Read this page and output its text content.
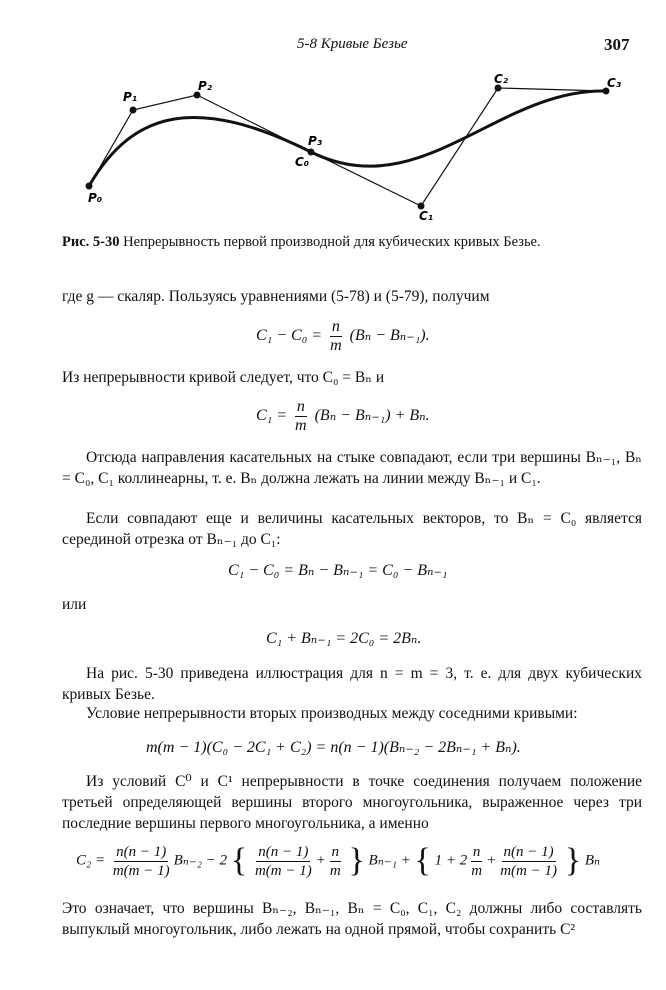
5-8 Кривые Безье	307
P₀
P₁
P₂
P₃
C₀
C₁
C₂	C₃
Рис. 5-30 Непрерывность первой производной для кубических кривых Безье.
где g — скаляр. Пользуясь уравнениями (5-78) и (5-79), получим
$C_1 - C_0 = \frac{n}{m} (B_n - B_{n-1})$.
Из непрерывности кривой следует, что C₀ = Bₙ и
$C_1 = \frac{n}{m} (B_n - B_{n-1}) + B_n$.
Отсюда направления касательных на стыке совпадают, если три вершины Bₙ₋₁, Bₙ = C₀, C₁ коллинеарны, т. е. Bₙ должна лежать на линии между Bₙ₋₁ и C₁.
Если совпадают еще и величины касательных векторов, то Bₙ = C₀ является серединой отрезка от Bₙ₋₁ до C₁:
C₁ − C₀ = Bₙ − Bₙ₋₁ = C₀ − Bₙ₋₁
или
C₁ + Bₙ₋₁ = 2C₀ = 2Bₙ.
На рис. 5-30 приведена иллюстрация для n = m = 3, т. е. для двух кубических кривых Безье.
Условие непрерывности вторых производных между соседними кривыми:
m(m − 1)(C₀ − 2C₁ + C₂) = n(n − 1)(Bₙ₋₂ − 2Bₙ₋₁ + Bₙ).
Из условий C⁰ и C¹ непрерывности в точке соединения получаем положение третьей определяющей вершины второго многоугольника, выраженное через три последние вершины первого многоугольника, а именно
$C_2 = \frac{n(n - 1)}{m(m - 1)} B_{n-2} - 2$ { $\frac{n(n - 1)}{m(m - 1)} + \frac{n}{m}$ } Bₙ₋₁ + { $1 + 2 \frac{n}{m} + \frac{n(n - 1)}{m(m - 1)}$ } Bₙ
Это означает, что вершины Bₙ₋₂, Bₙ₋₁, Bₙ = C₀, C₁, C₂ должны либо составлять выпуклый многоугольник, либо лежать на одной прямой, чтобы сохранить C²
